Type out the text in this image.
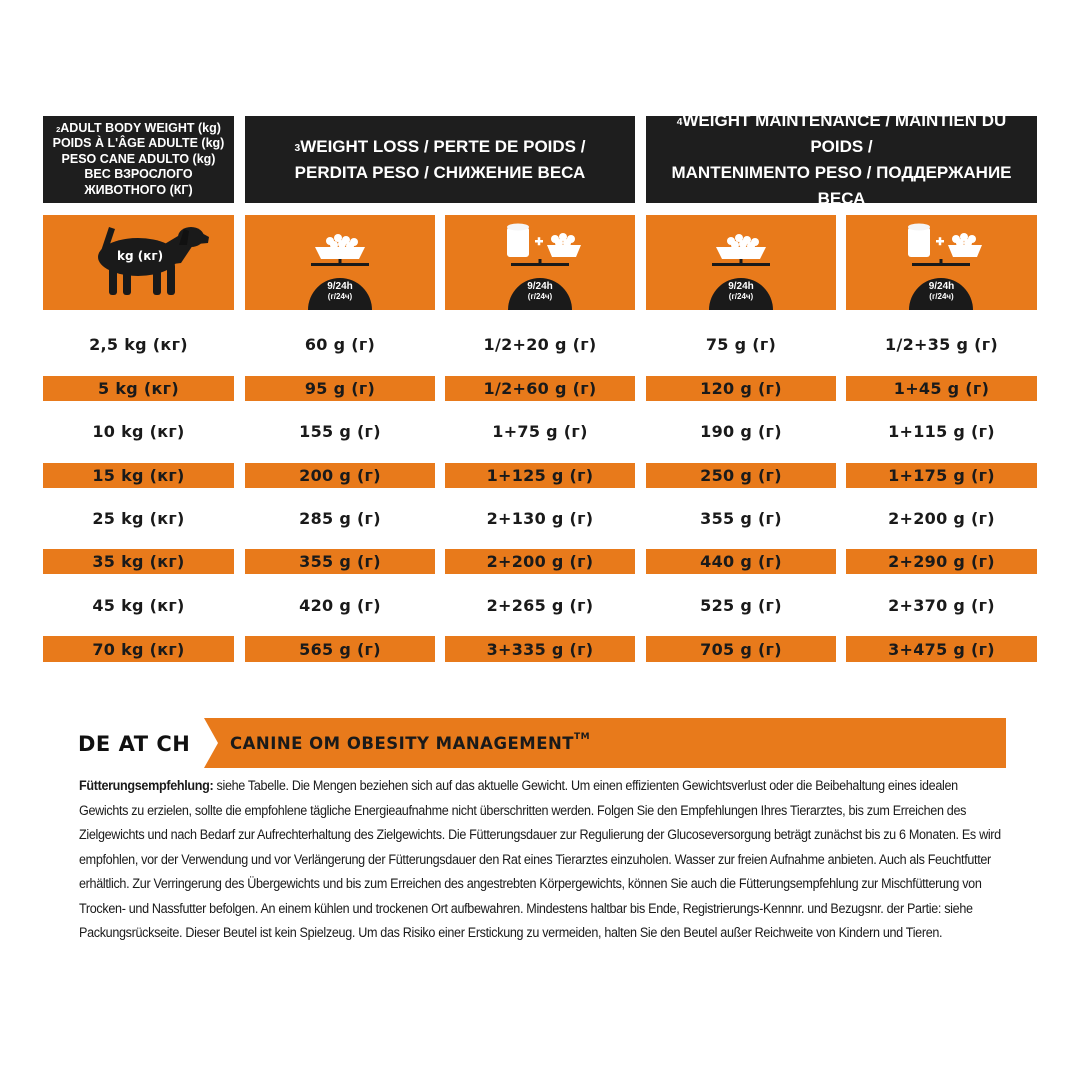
$^2$ADULT BODY WEIGHT (kg)
POIDS À L'ÂGE ADULTE (kg)
PESO CANE ADULTO (kg)
ВЕС ВЗРОСЛОГО ЖИВОТНОГО (КГ)
$^3$WEIGHT LOSS / PERTE DE POIDS /
PERDITA PESO / СНИЖЕНИЕ ВЕСА
$^4$WEIGHT MAINTENANCE / MAINTIEN DU POIDS /
MANTENIMENTO PESO / ПОДДЕРЖАНИЕ ВЕСА
kg (кг)
9/24h
(г/24ч)
9/24h
(г/24ч)
9/24h
(г/24ч)
9/24h
(г/24ч)
2,5 kg (кг)	60 g (г)	1/2+20 g (г)	75 g (г)	1/2+35 g (г)
5 kg (кг)	95 g (г)	1/2+60 g (г)	120 g (г)	1+45 g (г)
10 kg (кг)	155 g (г)	1+75 g (г)	190 g (г)	1+115 g (г)
15 kg (кг)	200 g (г)	1+125 g (г)	250 g (г)	1+175 g (г)
25 kg (кг)	285 g (г)	2+130 g (г)	355 g (г)	2+200 g (г)
35 kg (кг)	355 g (г)	2+200 g (г)	440 g (г)	2+290 g (г)
45 kg (кг)	420 g (г)	2+265 g (г)	525 g (г)	2+370 g (г)
70 kg (кг)	565 g (г)	3+335 g (г)	705 g (г)	3+475 g (г)
DE AT CH CANINE OM OBESITY MANAGEMENT™
Fütterungsempfehlung: siehe Tabelle. Die Mengen beziehen sich auf das aktuelle Gewicht. Um einen effizienten Gewichtsverlust oder die Beibehaltung eines idealen Gewichts zu erzielen, sollte die empfohlene tägliche Energieaufnahme nicht überschritten werden. Folgen Sie den Empfehlungen Ihres Tierarztes, bis zum Erreichen des Zielgewichts und nach Bedarf zur Aufrechterhaltung des Zielgewichts. Die Fütterungsdauer zur Regulierung der Glucoseversorgung beträgt zunächst bis zu 6 Monaten. Es wird empfohlen, vor der Verwendung und vor Verlängerung der Fütterungsdauer den Rat eines Tierarztes einzuholen. Wasser zur freien Aufnahme anbieten. Auch als Feuchtfutter erhältlich. Zur Verringerung des Übergewichts und bis zum Erreichen des angestrebten Körpergewichts, können Sie auch die Fütterungsempfehlung zur Mischfütterung von Trocken- und Nassfutter befolgen. An einem kühlen und trockenen Ort aufbewahren. Mindestens haltbar bis Ende, Registrierungs-Kennnr. und Bezugsnr. der Partie: siehe Packungsrückseite. Dieser Beutel ist kein Spielzeug. Um das Risiko einer Erstickung zu vermeiden, halten Sie den Beutel außer Reichweite von Kindern und Tieren.
